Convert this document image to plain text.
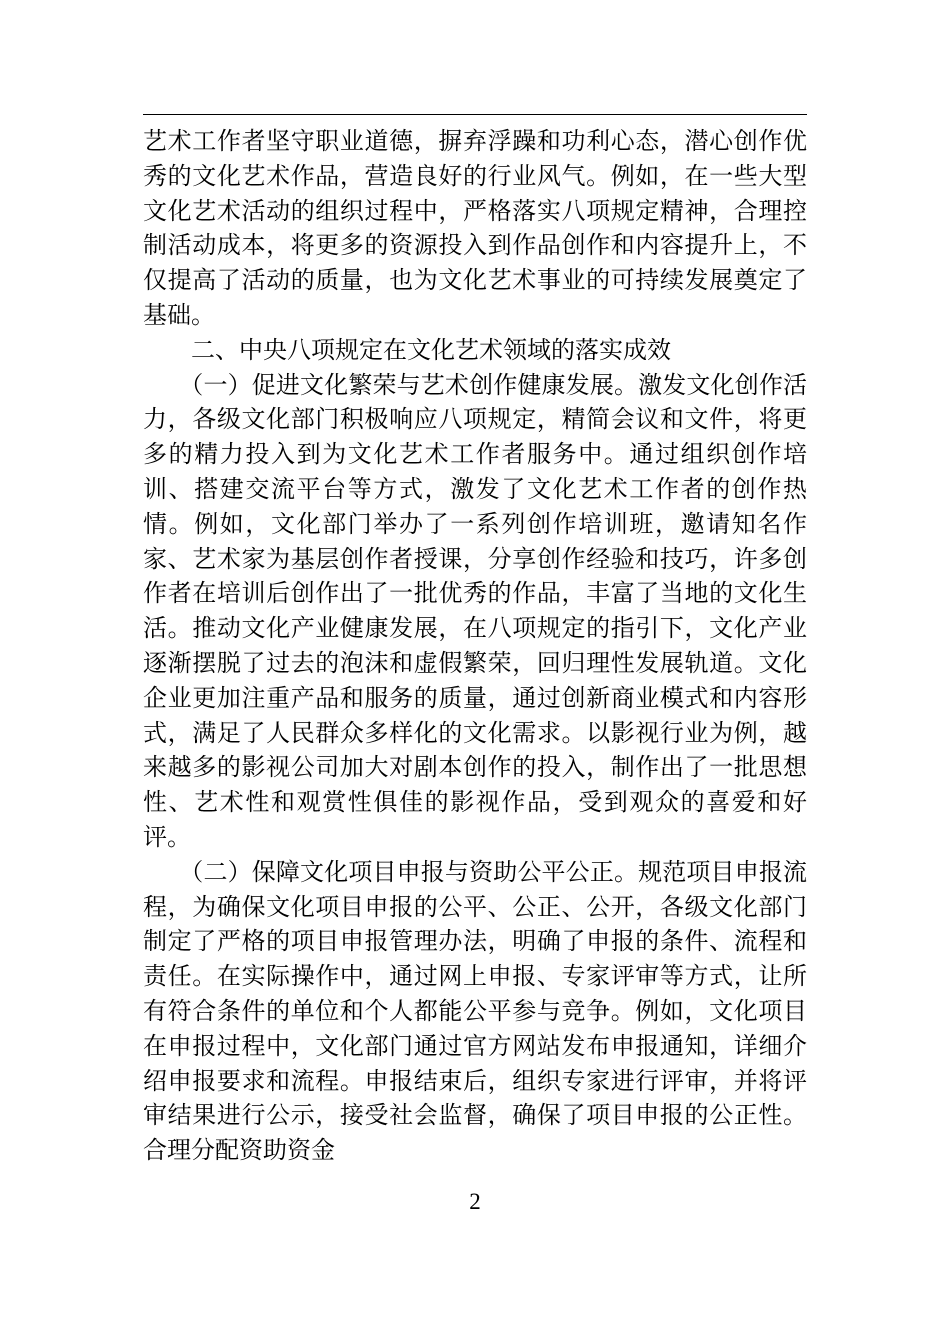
艺术工作者坚守职业道德，摒弃浮躁和功利心态，潜心创作优秀的文化艺术作品，营造良好的行业风气。例如，在一些大型文化艺术活动的组织过程中，严格落实八项规定精神，合理控制活动成本，将更多的资源投入到作品创作和内容提升上，不仅提高了活动的质量，也为文化艺术事业的可持续发展奠定了基础。

　　二、中央八项规定在文化艺术领域的落实成效

　　（一）促进文化繁荣与艺术创作健康发展。激发文化创作活力，各级文化部门积极响应八项规定，精简会议和文件，将更多的精力投入到为文化艺术工作者服务中。通过组织创作培训、搭建交流平台等方式，激发了文化艺术工作者的创作热情。例如，文化部门举办了一系列创作培训班，邀请知名作家、艺术家为基层创作者授课，分享创作经验和技巧，许多创作者在培训后创作出了一批优秀的作品，丰富了当地的文化生活。推动文化产业健康发展，在八项规定的指引下，文化产业逐渐摆脱了过去的泡沫和虚假繁荣，回归理性发展轨道。文化企业更加注重产品和服务的质量，通过创新商业模式和内容形式，满足了人民群众多样化的文化需求。以影视行业为例，越来越多的影视公司加大对剧本创作的投入，制作出了一批思想性、艺术性和观赏性俱佳的影视作品，受到观众的喜爱和好评。

　　（二）保障文化项目申报与资助公平公正。规范项目申报流程，为确保文化项目申报的公平、公正、公开，各级文化部门制定了严格的项目申报管理办法，明确了申报的条件、流程和责任。在实际操作中，通过网上申报、专家评审等方式，让所有符合条件的单位和个人都能公平参与竞争。例如，文化项目在申报过程中，文化部门通过官方网站发布申报通知，详细介绍申报要求和流程。申报结束后，组织专家进行评审，并将评审结果进行公示，接受社会监督，确保了项目申报的公正性。合理分配资助资金

2
